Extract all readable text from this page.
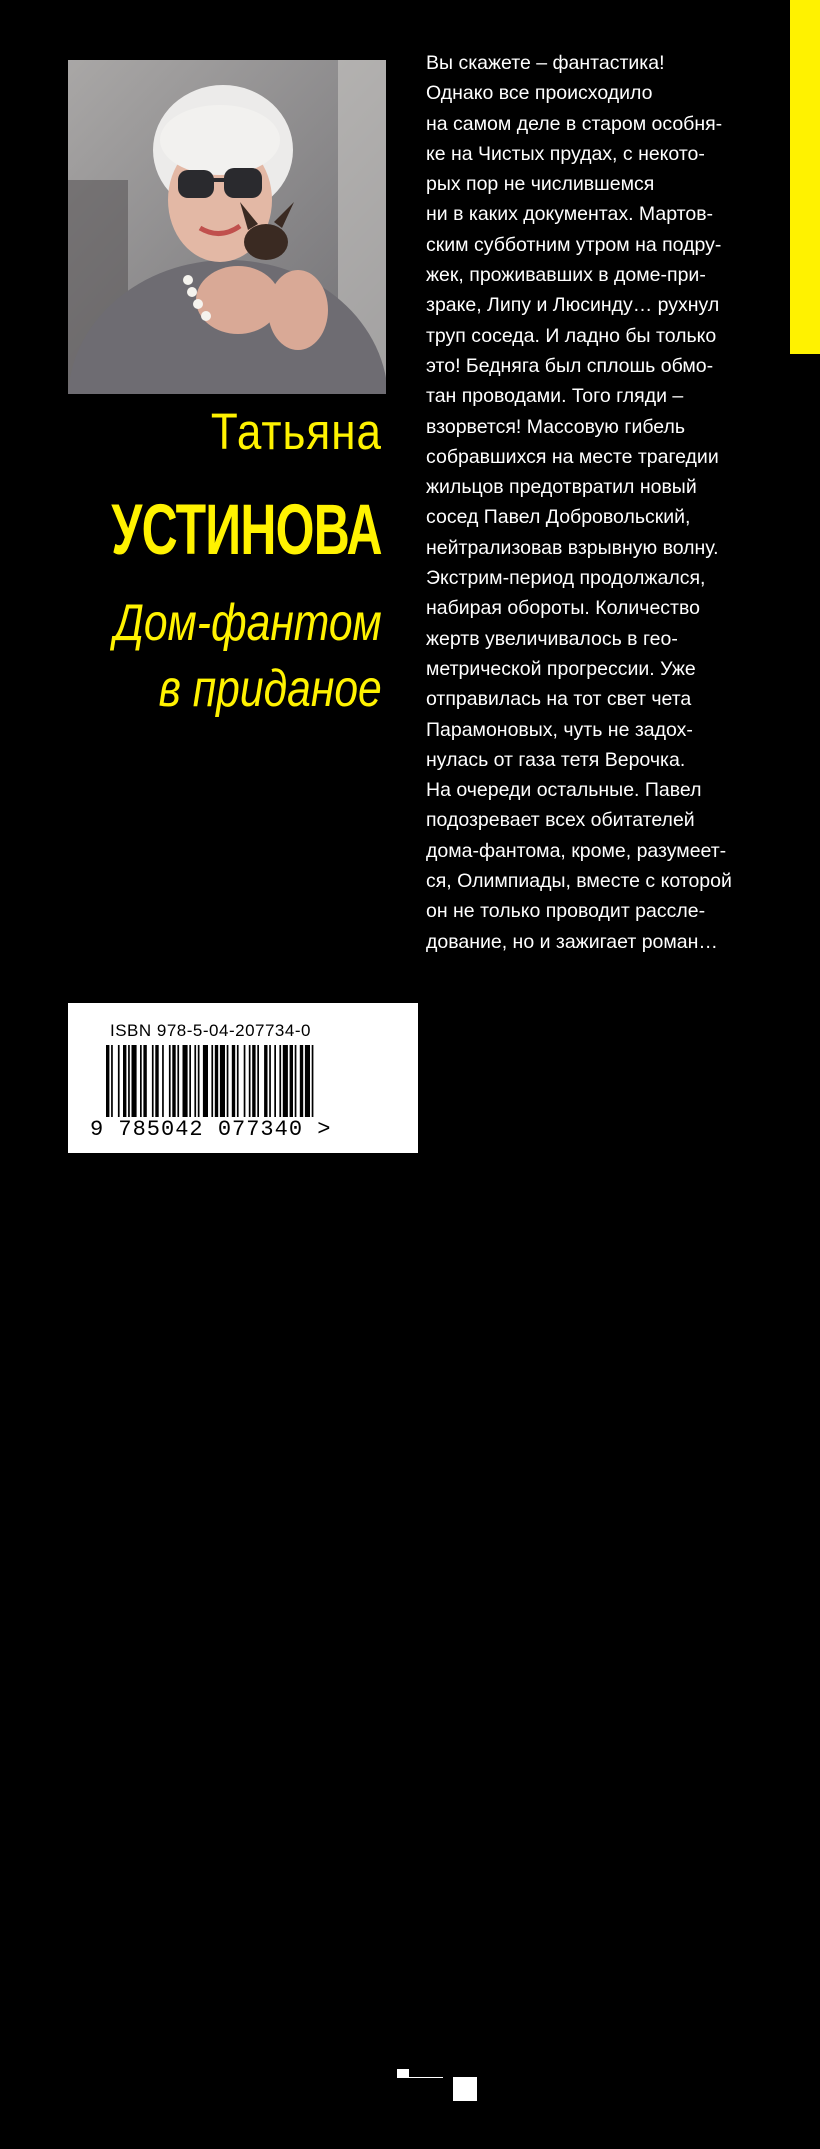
Татьяна
УСТИНОВА
Дом-фантом
в приданое
Вы скажете – фантастика!
Однако все происходило
на самом деле в старом особня-
ке на Чистых прудах, с некото-
рых пор не числившемся
ни в каких документах. Мартов-
ским субботним утром на подру-
жек, проживавших в доме-при-
зраке, Липу и Люсинду… рухнул
труп соседа. И ладно бы только
это! Бедняга был сплошь обмо-
тан проводами. Того гляди –
взорвется! Массовую гибель
собравшихся на месте трагедии
жильцов предотвратил новый
сосед Павел Добровольский,
нейтрализовав взрывную волну.
Экстрим-период продолжался,
набирая обороты. Количество
жертв увеличивалось в гео-
метрической прогрессии. Уже
отправилась на тот свет чета
Парамоновых, чуть не задох-
нулась от газа тетя Верочка.
На очереди остальные. Павел
подозревает всех обитателей
дома-фантома, кроме, разумеет-
ся, Олимпиады, вместе с которой
он не только проводит рассле-
дование, но и зажигает роман…
ISBN 978-5-04-207734-0
9 785042 077340 >
ЭКСМО
